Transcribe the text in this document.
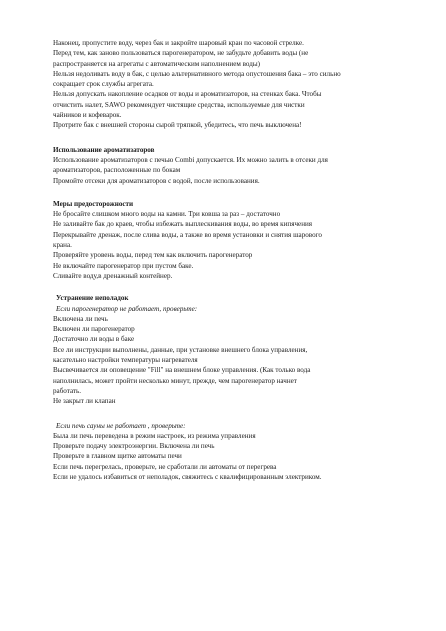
Наконец, пропустите воду, через бак и закройте шаровый кран по часовой стрелке.
Перед тем, как заново пользоваться парогенератором, не забудьте добавить воды (не
распространяется на агрегаты с автоматическим наполнением воды)
Нельзя недоливать воду в бак, с целью альтернативного метода опустошения бака – это сильно
сокращает срок службы агрегата.
Нельзя допускать накопление осадков от воды и ароматизаторов, на стенках бака. Чтобы
отчистить налет, SAWO рекомендует чистящие средства, используемые для чистки
чайников и кофеварок.
Протрите бак с внешней стороны сырой тряпкой, убедитесь, что печь выключена!
Использование ароматизаторов
Использование ароматизаторов с печью Combi допускается. Их можно залить в отсеки для
ароматизаторов, расположенные по бокам
Промойте отсеки для ароматизаторов с водой, после использования.
Меры предосторожности
Не бросайте слишком много воды на камни. Три ковша за раз – достаточно
Не заливайте бак до краев, чтобы избежать выплескивания воды, во время кипячения
Перекрывайте дренаж, после слива воды, а также во время установки и снятия шарового
крана.
Проверяйте уровень воды, перед тем как включить парогенератор
Не включайте парогенератор при пустом баке.
Сливайте воду,в дренажный контейнер.
Устранение неполадок
Если парогенератор не работает, проверьте:
Включена ли печь
Включен ли парогенератор
Достаточно ли воды в баке
Все ли инструкции выполнены, данные, при установке внешнего блока управления,
касательно настройки температуры нагревателя
Высвечивается ли оповещение "Fill" на внешнем блоке управления. (Как только вода
наполнилась, может пройти несколько минут, прежде, чем парогенератор начнет
работать.
Не закрыт ли клапан
Если печь сауны не работает , проверьте:
Была ли печь переведена в режим настроек, из режима управления
Проверьте подачу электроэнергии. Включена ли печь
Проверьте в главном щитке автоматы печи
Если печь перегрелась, проверьте, не сработали ли автоматы от перегрева
Если не удалось избавиться от неполадок, свяжитесь с квалифицированным электриком.
